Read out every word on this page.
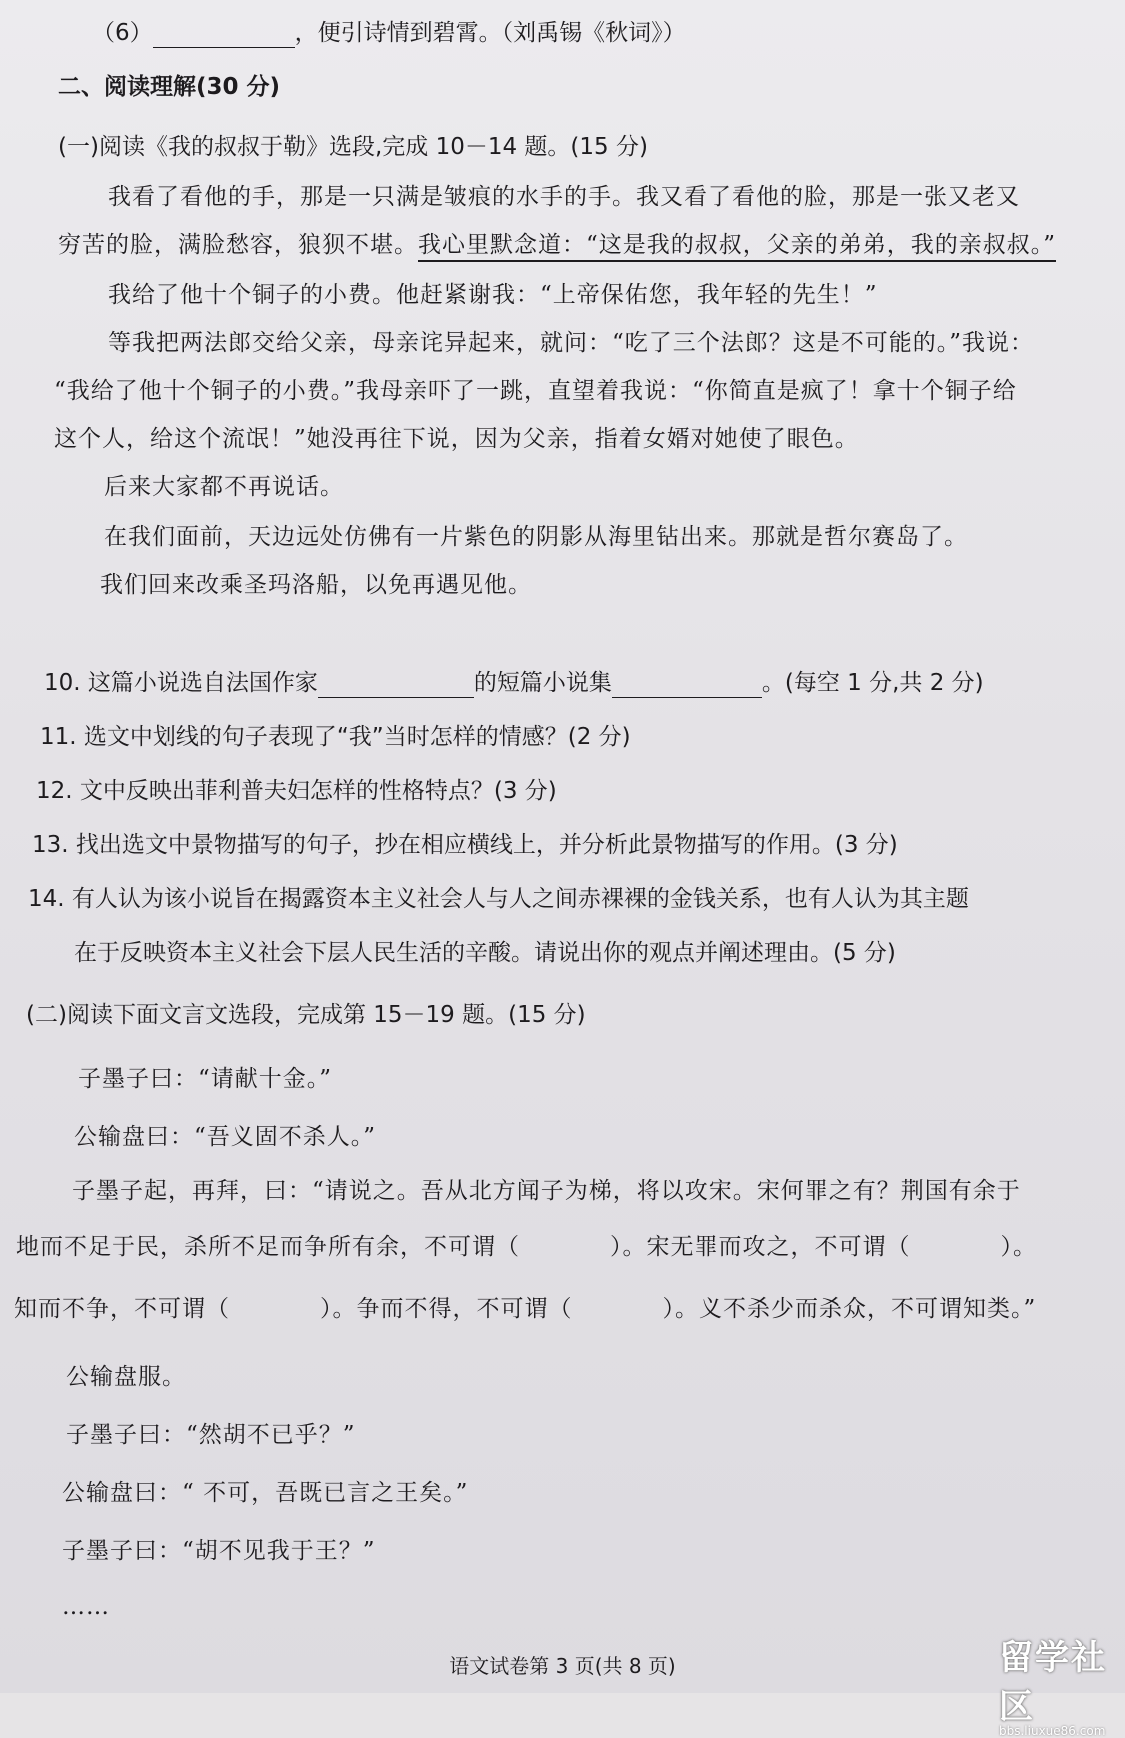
（6）	，便引诗情到碧霄。（刘禹锡《秋词》）
二、阅读理解(30 分)
(一)阅读《我的叔叔于勒》选段,完成 10－14 题。(15 分)
我看了看他的手，那是一只满是皱痕的水手的手。我又看了看他的脸，那是一张又老又
穷苦的脸，满脸愁容，狼狈不堪。我心里默念道：“这是我的叔叔，父亲的弟弟，我的亲叔叔。”
我给了他十个铜子的小费。他赶紧谢我：“上帝保佑您，我年轻的先生！”
等我把两法郎交给父亲，母亲诧异起来，就问：“吃了三个法郎？这是不可能的。”我说：
“我给了他十个铜子的小费。”我母亲吓了一跳，直望着我说：“你简直是疯了！拿十个铜子给
这个人，给这个流氓！”她没再往下说，因为父亲，指着女婿对她使了眼色。
后来大家都不再说话。
在我们面前，天边远处仿佛有一片紫色的阴影从海里钻出来。那就是哲尔赛岛了。
我们回来改乘圣玛洛船，以免再遇见他。
10. 这篇小说选自法国作家	的短篇小说集	。(每空 1 分,共 2 分)
11. 选文中划线的句子表现了“我”当时怎样的情感？(2 分)
12. 文中反映出菲利普夫妇怎样的性格特点？(3 分)
13. 找出选文中景物描写的句子，抄在相应横线上，并分析此景物描写的作用。(3 分)
14. 有人认为该小说旨在揭露资本主义社会人与人之间赤裸裸的金钱关系，也有人认为其主题
在于反映资本主义社会下层人民生活的辛酸。请说出你的观点并阐述理由。(5 分)
(二)阅读下面文言文选段，完成第 15－19 题。(15 分)
子墨子曰：“请献十金。”
公输盘曰：“吾义固不杀人。”
子墨子起，再拜，曰：“请说之。吾从北方闻子为梯，将以攻宋。宋何罪之有？荆国有余于
地而不足于民，杀所不足而争所有余，不可谓（	）。宋无罪而攻之，不可谓（	）。
知而不争，不可谓（	）。争而不得，不可谓（	）。义不杀少而杀众，不可谓知类。”
公输盘服。
子墨子曰：“然胡不已乎？”
公输盘曰：“ 不可，吾既已言之王矣。”
子墨子曰：“胡不见我于王？”
……
语文试卷第 3 页(共 8 页)	留学社区
bbs.liuxue86.com
